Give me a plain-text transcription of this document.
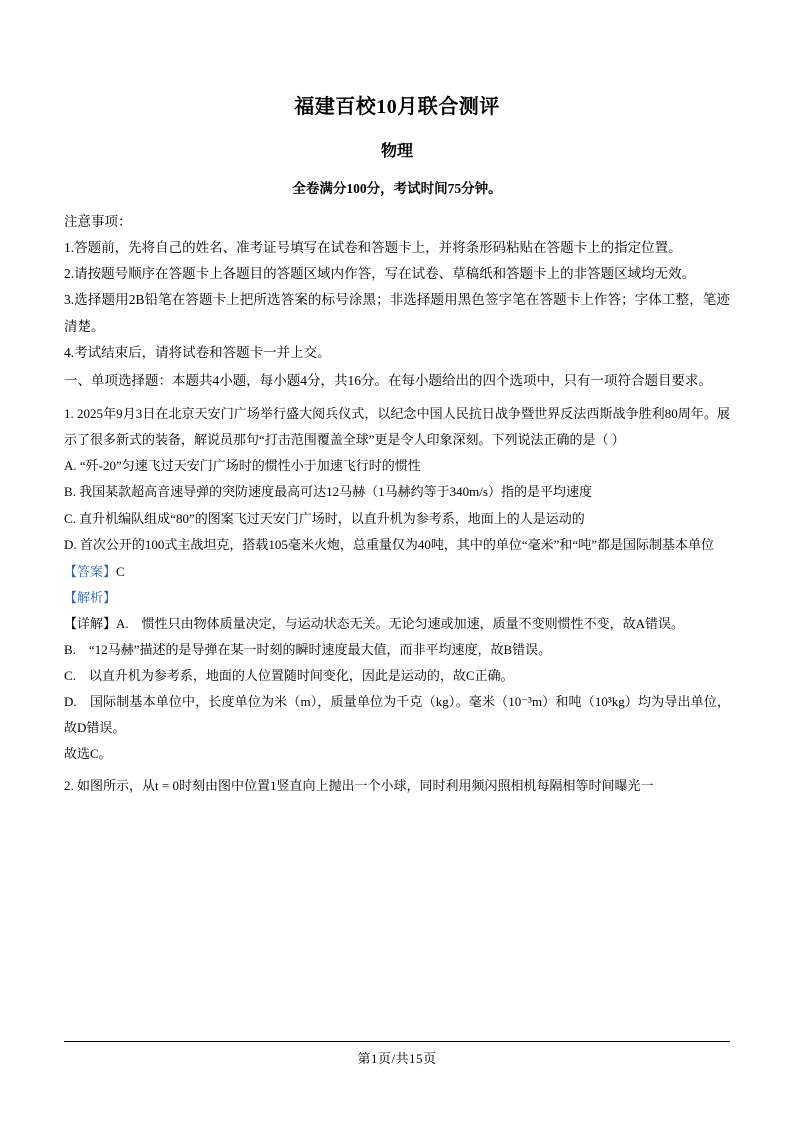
福建百校10月联合测评
物理
全卷满分100分，考试时间75分钟。
注意事项：
1.答题前，先将自己的姓名、准考证号填写在试卷和答题卡上，并将条形码粘贴在答题卡上的指定位置。
2.请按题号顺序在答题卡上各题目的答题区域内作答，写在试卷、草稿纸和答题卡上的非答题区域均无效。
3.选择题用2B铅笔在答题卡上把所选答案的标号涂黑；非选择题用黑色签字笔在答题卡上作答；字体工整，笔迹清楚。
4.考试结束后，请将试卷和答题卡一并上交。
一、单项选择题：本题共4小题，每小题4分，共16分。在每小题给出的四个选项中，只有一项符合题目要求。
1. 2025年9月3日在北京天安门广场举行盛大阅兵仪式，以纪念中国人民抗日战争暨世界反法西斯战争胜利80周年。展示了很多新式的装备，解说员那句“打击范围覆盖全球”更是令人印象深刻。下列说法正确的是（ ）
A. “歼-20”匀速飞过天安门广场时的惯性小于加速飞行时的惯性
B. 我国某款超高音速导弹的突防速度最高可达12马赫（1马赫约等于340m/s）指的是平均速度
C. 直升机编队组成“80”的图案飞过天安门广场时，以直升机为参考系，地面上的人是运动的
D. 首次公开的100式主战坦克，搭载105毫米火炮，总重量仅为40吨，其中的单位“毫米”和“吨”都是国际制基本单位
【答案】C
【解析】
【详解】A.　惯性只由物体质量决定，与运动状态无关。无论匀速或加速，质量不变则惯性不变，故A错误。
B.　“12马赫”描述的是导弹在某一时刻的瞬时速度最大值，而非平均速度，故B错误。
C.　以直升机为参考系，地面的人位置随时间变化，因此是运动的，故C正确。
D.　国际制基本单位中，长度单位为米（m），质量单位为千克（kg）。毫米（10⁻³m）和吨（10³kg）均为导出单位，故D错误。
故选C。
2. 如图所示，从t = 0时刻由图中位置1竖直向上抛出一个小球，同时利用频闪照相机每隔相等时间曝光一
第1页/共15页
